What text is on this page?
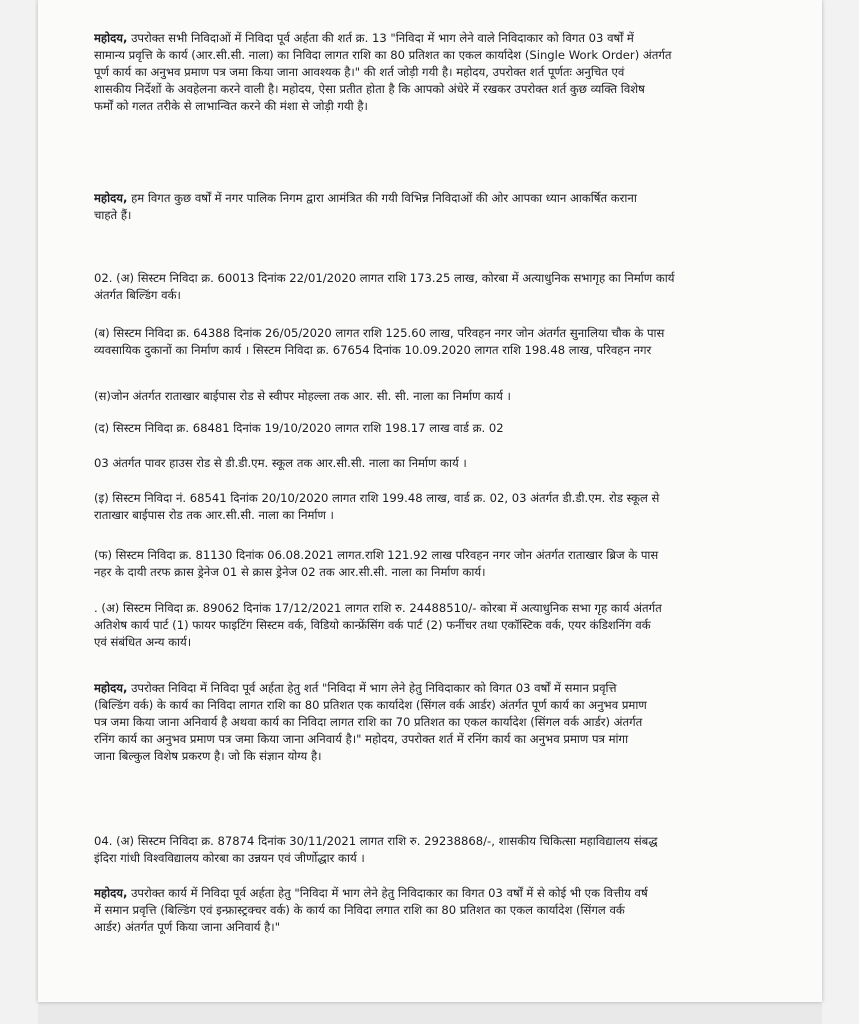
महोदय, उपरोक्त सभी निविदाओं में निविदा पूर्व अर्हता की शर्त क्र. 13 "निविदा में भाग लेने वाले निविदाकार को विगत 03 वर्षों में
सामान्य प्रवृत्ति के कार्य (आर.सी.सी. नाला) का निविदा लागत राशि का 80 प्रतिशत का एकल कार्यादेश (Single Work Order) अंतर्गत
पूर्ण कार्य का अनुभव प्रमाण पत्र जमा किया जाना आवश्यक है।" की शर्त जोड़ी गयी है। महोदय, उपरोक्त शर्त पूर्णतः अनुचित एवं
शासकीय निर्देशों के अवहेलना करने वाली है। महोदय, ऐसा प्रतीत होता है कि आपको अंधेरे में रखकर उपरोक्त शर्त कुछ व्यक्ति विशेष
फर्मों को गलत तरीके से लाभान्वित करने की मंशा से जोड़ी गयी है।
महोदय, हम विगत कुछ वर्षों में नगर पालिक निगम द्वारा आमंत्रित की गयी विभिन्न निविदाओं की ओर आपका ध्यान आकर्षित कराना
चाहते हैं।
02. (अ) सिस्टम निविदा क्र. 60013 दिनांक 22/01/2020 लागत राशि 173.25 लाख, कोरबा में अत्याधुनिक सभागृह का निर्माण कार्य
अंतर्गत बिल्डिंग वर्क।
(ब) सिस्टम निविदा क्र. 64388 दिनांक 26/05/2020 लागत राशि 125.60 लाख, परिवहन नगर जोन अंतर्गत सुनालिया चौक के पास
व्यवसायिक दुकानों का निर्माण कार्य । सिस्टम निविदा क्र. 67654 दिनांक 10.09.2020 लागत राशि 198.48 लाख, परिवहन नगर
(स)जोन अंतर्गत राताखार बाईपास रोड से स्वीपर मोहल्ला तक आर. सी. सी. नाला का निर्माण कार्य ।
(द) सिस्टम निविदा क्र. 68481 दिनांक 19/10/2020 लागत राशि 198.17 लाख वार्ड क्र. 02
03 अंतर्गत पावर हाउस रोड से डी.डी.एम. स्कूल तक आर.सी.सी. नाला का निर्माण कार्य ।
(इ) सिस्टम निविदा नं. 68541 दिनांक 20/10/2020 लागत राशि 199.48 लाख, वार्ड क्र. 02, 03 अंतर्गत डी.डी.एम. रोड स्कूल से
राताखार बाईपास रोड तक आर.सी.सी. नाला का निर्माण ।
(फ) सिस्टम निविदा क्र. 81130 दिनांक 06.08.2021 लागत.राशि 121.92 लाख परिवहन नगर जोन अंतर्गत राताखार ब्रिज के पास
नहर के दायी तरफ क्रास ड्रेनेज 01 से क्रास ड्रेनेज 02 तक आर.सी.सी. नाला का निर्माण कार्य।
. (अ) सिस्टम निविदा क्र. 89062 दिनांक 17/12/2021 लागत राशि रु. 24488510/- कोरबा में अत्याधुनिक सभा गृह कार्य अंतर्गत
अतिशेष कार्य पार्ट (1) फायर फाइटिंग सिस्टम वर्क, विडियो कान्फ्रेंसिंग वर्क पार्ट (2) फर्नीचर तथा एकॉस्टिक वर्क, एयर कंडिशनिंग वर्क
एवं संबंधित अन्य कार्य।
महोदय, उपरोक्त निविदा में निविदा पूर्व अर्हता हेतु शर्त "निविदा में भाग लेने हेतु निविदाकार को विगत 03 वर्षों में समान प्रवृत्ति
(बिल्डिंग वर्क) के कार्य का निविदा लागत राशि का 80 प्रतिशत एक कार्यादेश (सिंगल वर्क आर्डर) अंतर्गत पूर्ण कार्य का अनुभव प्रमाण
पत्र जमा किया जाना अनिवार्य है अथवा कार्य का निविदा लागत राशि का 70 प्रतिशत का एकल कार्यादेश (सिंगल वर्क आर्डर) अंतर्गत
रनिंग कार्य का अनुभव प्रमाण पत्र जमा किया जाना अनिवार्य है।" महोदय, उपरोक्त शर्त में रनिंग कार्य का अनुभव प्रमाण पत्र मांगा
जाना बिल्कुल विशेष प्रकरण है। जो कि संज्ञान योग्य है।
04. (अ) सिस्टम निविदा क्र. 87874 दिनांक 30/11/2021 लागत राशि रु. 29238868/-, शासकीय चिकित्सा महाविद्यालय संबद्ध
इंदिरा गांधी विश्वविद्यालय कोरबा का उन्नयन एवं जीर्णोद्धार कार्य ।
महोदय, उपरोक्त कार्य में निविदा पूर्व अर्हता हेतु "निविदा में भाग लेने हेतु निविदाकार का विगत 03 वर्षों में से कोई भी एक वित्तीय वर्ष
में समान प्रवृत्ति (बिल्डिंग एवं इन्फ्रास्ट्रक्चर वर्क) के कार्य का निविदा लगात राशि का 80 प्रतिशत का एकल कार्यादेश (सिंगल वर्क
आर्डर) अंतर्गत पूर्ण किया जाना अनिवार्य है।"
